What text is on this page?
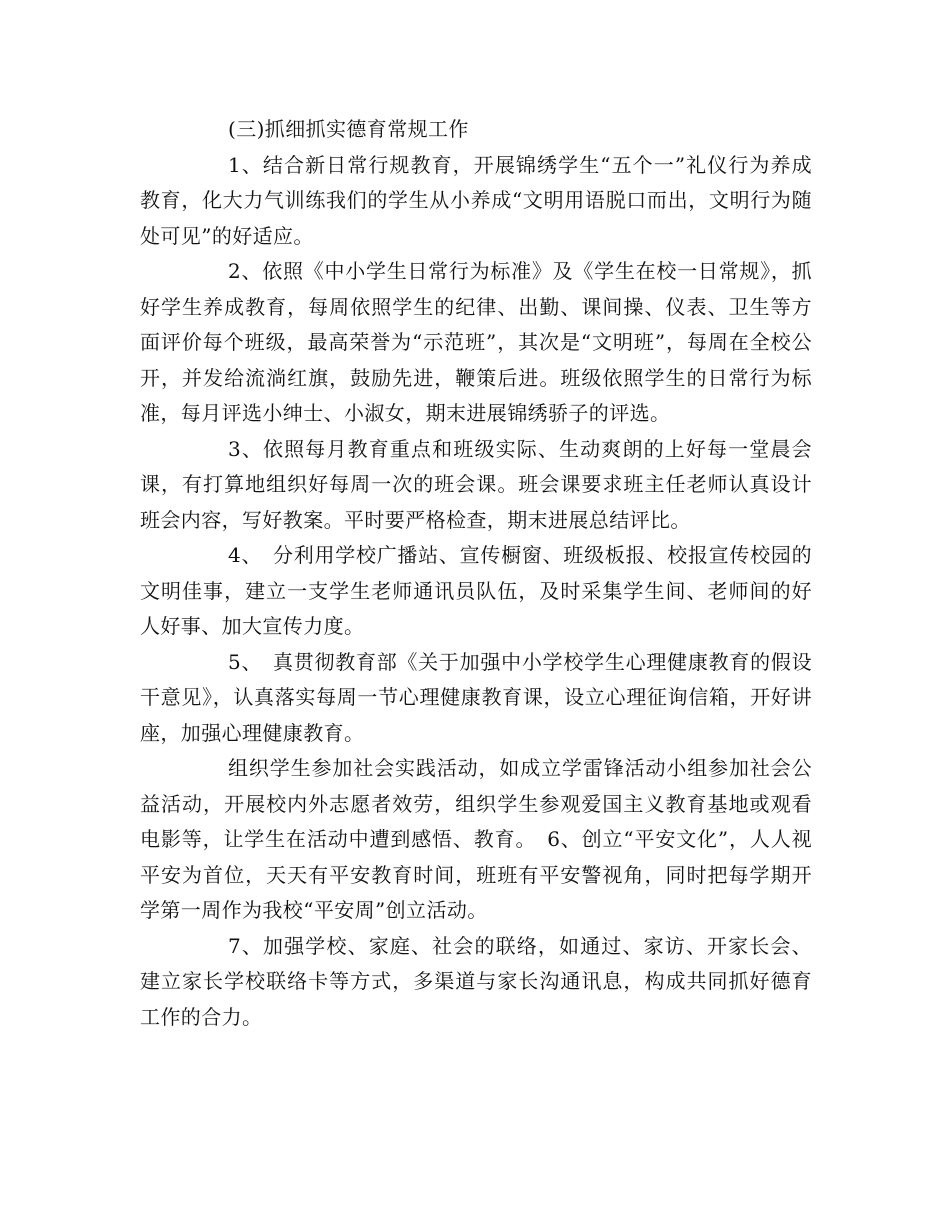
(三)抓细抓实德育常规工作

1、结合新日常行规教育，开展锦绣学生“五个一”礼仪行为养成教育，化大力气训练我们的学生从小养成“文明用语脱口而出，文明行为随处可见”的好适应。

2、依照《中小学生日常行为标准》及《学生在校一日常规》，抓好学生养成教育，每周依照学生的纪律、出勤、课间操、仪表、卫生等方面评价每个班级，最高荣誉为“示范班”，其次是“文明班”，每周在全校公开，并发给流淌红旗，鼓励先进，鞭策后进。班级依照学生的日常行为标准，每月评选小绅士、小淑女，期末进展锦绣骄子的评选。

3、依照每月教育重点和班级实际、生动爽朗的上好每一堂晨会课，有打算地组织好每周一次的班会课。班会课要求班主任老师认真设计班会内容，写好教案。平时要严格检查，期末进展总结评比。

4、　分利用学校广播站、宣传橱窗、班级板报、校报宣传校园的文明佳事，建立一支学生老师通讯员队伍，及时采集学生间、老师间的好人好事、加大宣传力度。

5、　真贯彻教育部《关于加强中小学校学生心理健康教育的假设干意见》，认真落实每周一节心理健康教育课，设立心理征询信箱，开好讲座，加强心理健康教育。

组织学生参加社会实践活动，如成立学雷锋活动小组参加社会公益活动，开展校内外志愿者效劳，组织学生参观爱国主义教育基地或观看电影等，让学生在活动中遭到感悟、教育。　6、创立“平安文化”，人人视平安为首位，天天有平安教育时间，班班有平安警视角，同时把每学期开学第一周作为我校“平安周”创立活动。

7、加强学校、家庭、社会的联络，如通过、家访、开家长会、建立家长学校联络卡等方式，多渠道与家长沟通讯息，构成共同抓好德育工作的合力。
